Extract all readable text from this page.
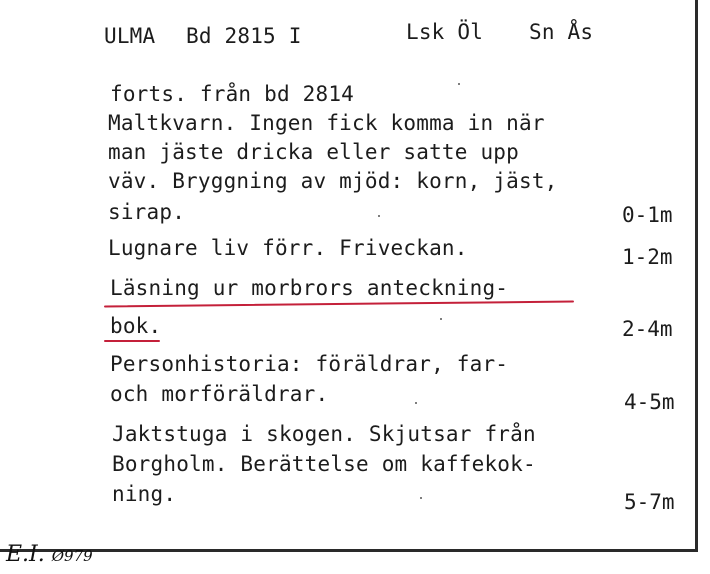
ULMA Bd 2815 I	Lsk Öl Sn Ås
forts. från bd 2814
Maltkvarn. Ingen fick komma in när
man jäste dricka eller satte upp
väv. Bryggning av mjöd: korn, jäst,
sirap.	0-1m
Lugnare liv förr. Friveckan.	1-2m
Läsning ur morbrors anteckning-
bok.	2-4m
Personhistoria: föräldrar, far-
och morföräldrar.	4-5m
Jaktstuga i skogen. Skjutsar från
Borgholm. Berättelse om kaffekok-
ning.	5-7m
E.I. Ø979
